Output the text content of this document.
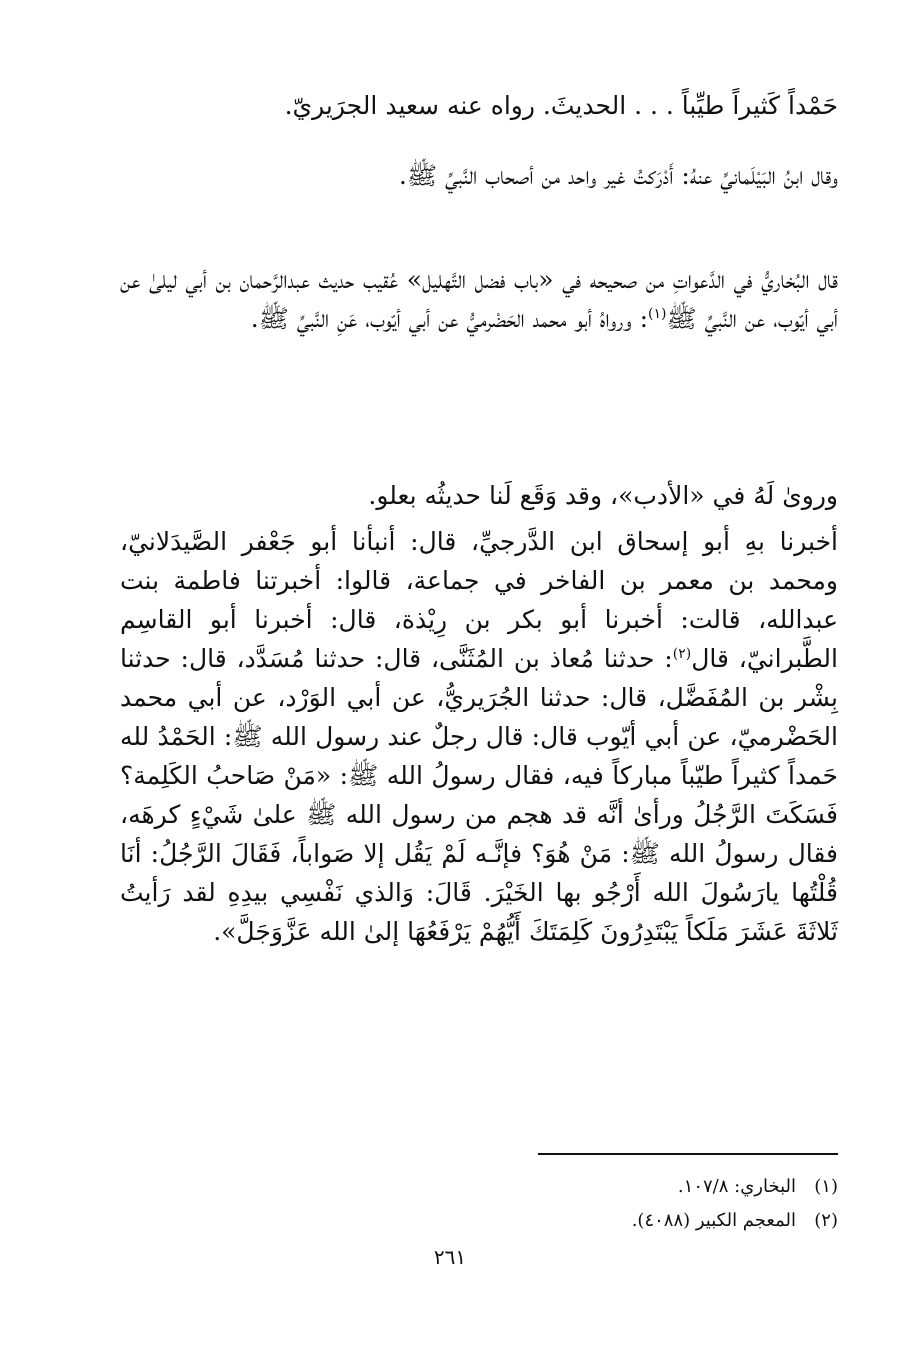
حَمْداً كَثيراً طيِّباً . . . الحديثَ. رواه عنه سعيد الجرَيريّ.

وقال ابنُ البَيْلَمانيِّ عنهُ: أَدْرَكتُ غير واحد من أصحاب النَّبيِّ ﷺ.

قال البُخاريُّ في الدَّعواتِ من صحيحه في «باب فضل التَّهليل» عُقيب حديث عبدالرَّحمان بن أبي ليلىٰ عن أبي أيّوب، عن النَّبيِّ ﷺ$^{(١)}$: ورواهُ أبو محمد الحَضْرميُّ عن أبي أيّوب، عَنِ النَّبيِّ ﷺ.

وروىٰ لَهُ في «الأدب»، وقد وَقَع لَنا حديثُه بعلو.

أخبرنا بهِ أبو إسحاق ابن الدَّرجيِّ، قال: أنبأنا أبو جَعْفر الصَّيدَلانيّ، ومحمد بن معمر بن الفاخر في جماعة، قالوا: أخبرتنا فاطمة بنت عبدالله، قالت: أخبرنا أبو بكر بن رِيْذة، قال: أخبرنا أبو القاسِم الطَّبرانيّ، قال$^{(٢)}$: حدثنا مُعاذ بن المُثَنَّى، قال: حدثنا مُسَدَّد، قال: حدثنا بِشْر بن المُفَضَّل، قال: حدثنا الجُرَيريُّ، عن أبي الوَرْد، عن أبي محمد الحَضْرميّ، عن أبي أيّوب قال: قال رجلٌ عند رسول الله ﷺ: الحَمْدُ لله حَمداً كثيراً طيّباً مباركاً فيه، فقال رسولُ الله ﷺ: «مَنْ صَاحبُ الكَلِمة؟ فَسَكَتَ الرَّجُلُ ورأىٰ أنَّه قد هجم من رسول الله ﷺ علىٰ شَيْءٍ كرهَه، فقال رسولُ الله ﷺ: مَنْ هُوَ؟ فإنَّـه لَمْ يَقُل إلا صَواباً، فَقَالَ الرَّجُلُ: أنَا قُلْتُها يارَسُولَ الله أَرْجُو بها الخَيْرَ. قَالَ: وَالذي نَفْسِي بيدِهِ لقد رَأيتُ ثَلاثَةَ عَشَرَ مَلَكاً يَبْتَدِرُونَ كَلِمَتَكَ أَيُّهُمْ يَرْفَعُهَا إلىٰ الله عَزَّوَجَلَّ».

(١)البخاري: ١٠٧/٨.
(٢)المعجم الكبير (٤٠٨٨).
٢٦١
